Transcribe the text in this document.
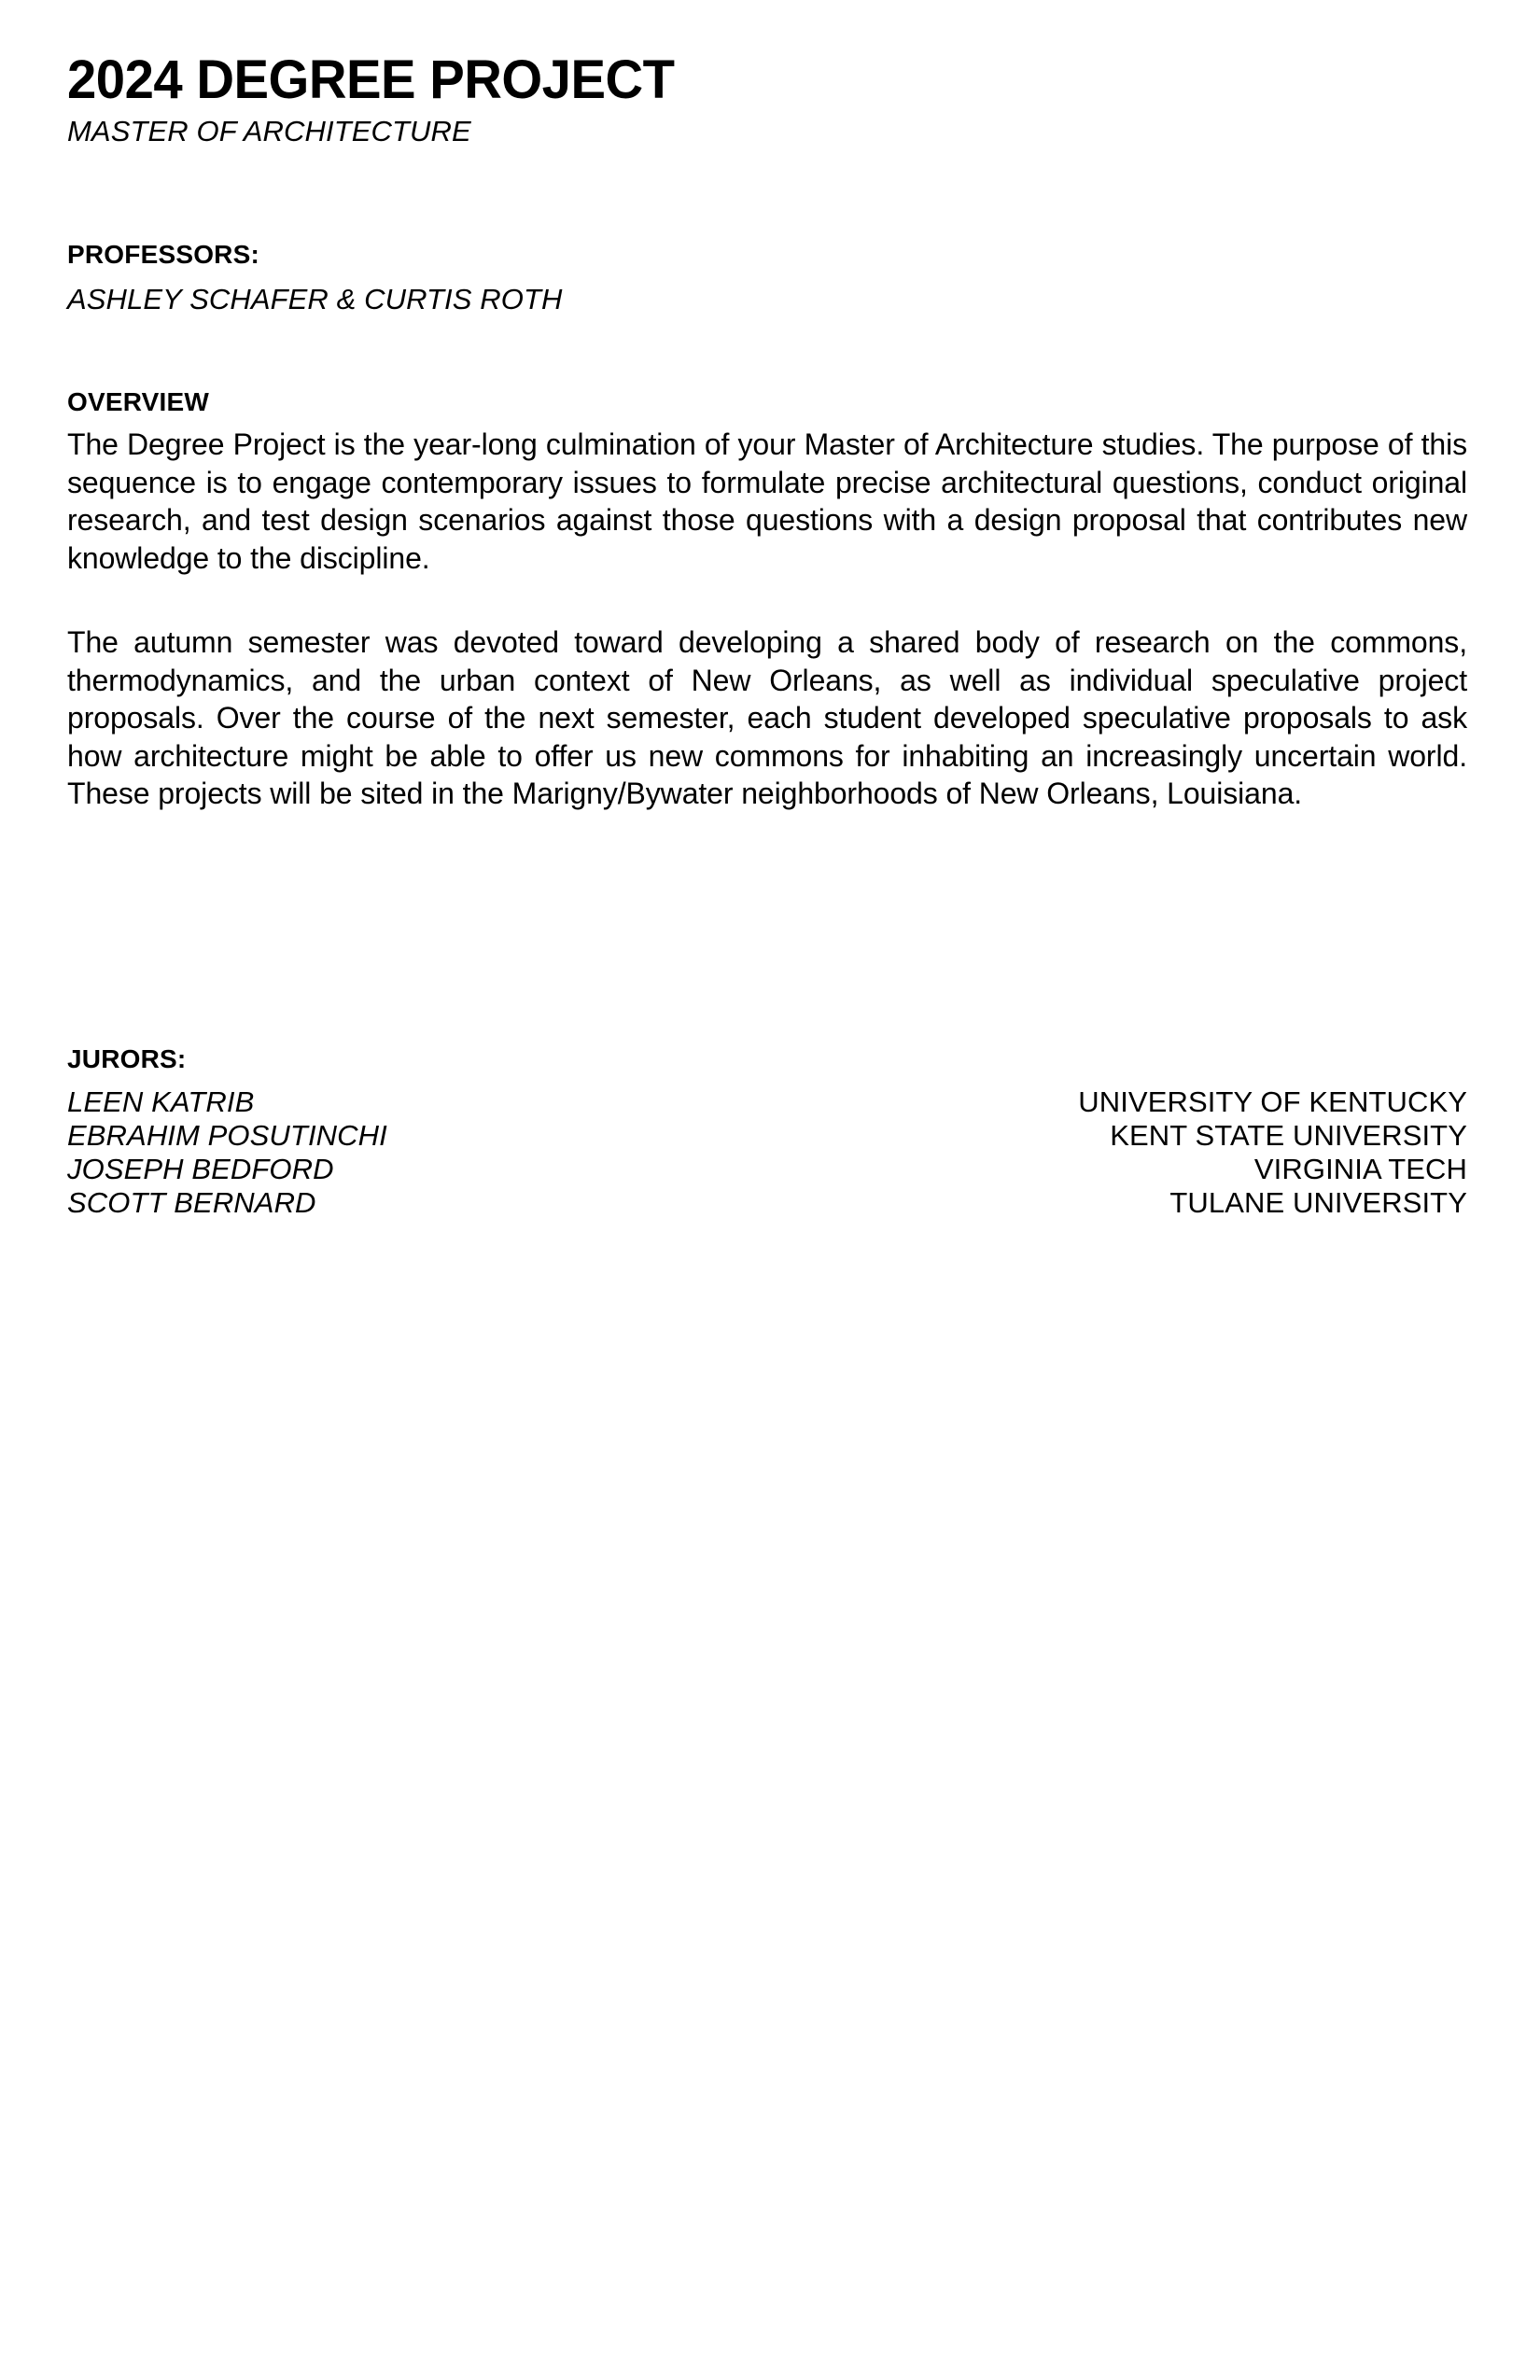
2024 DEGREE PROJECT
MASTER OF ARCHITECTURE
PROFESSORS:
ASHLEY SCHAFER & CURTIS ROTH
OVERVIEW

The Degree Project is the year-long culmination of your Master of Architecture studies. The purpose of this sequence is to engage contemporary issues to formulate precise architectural questions, conduct original research, and test design scenarios against those questions with a design proposal that contributes new knowledge to the discipline.

The autumn semester was devoted toward developing a shared body of research on the commons, thermodynamics, and the urban context of New Orleans, as well as individual speculative project proposals. Over the course of the next semester, each student developed speculative proposals to ask how architecture might be able to offer us new commons for inhabiting an increasingly uncertain world. These projects will be sited in the Marigny/Bywater neighborhoods of New Orleans, Louisiana.

JURORS:
LEEN KATRIB	UNIVERSITY OF KENTUCKY
EBRAHIM POSUTINCHI	KENT STATE UNIVERSITY
JOSEPH BEDFORD	VIRGINIA TECH
SCOTT BERNARD	TULANE UNIVERSITY
